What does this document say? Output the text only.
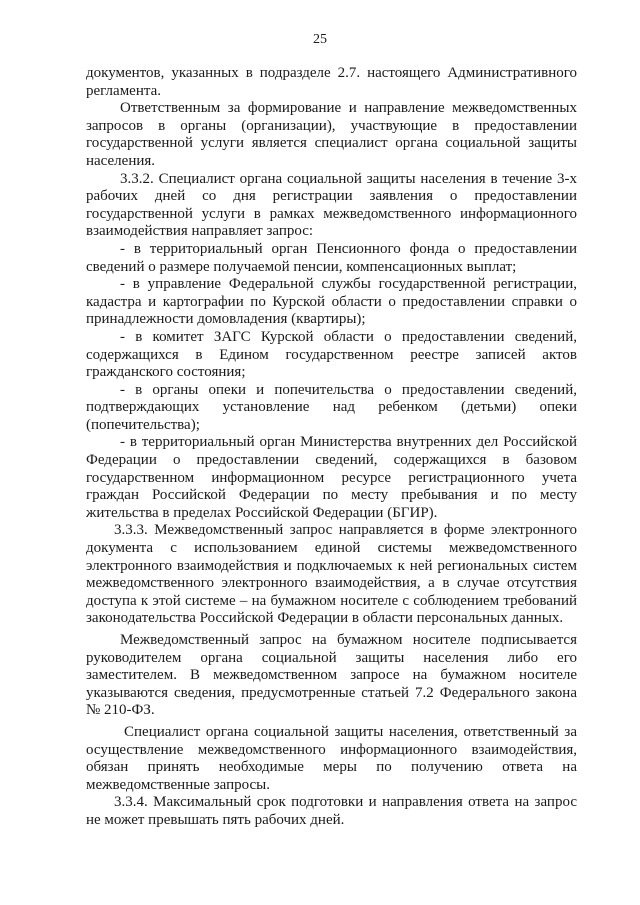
25

документов, указанных в подразделе 2.7. настоящего Административного регламента.

Ответственным за формирование и направление межведомственных запросов в органы (организации), участвующие в предоставлении государственной услуги является специалист органа социальной защиты населения.

3.3.2. Специалист органа социальной защиты населения в течение 3-х рабочих дней со дня регистрации заявления о предоставлении государственной услуги в рамках межведомственного информационного взаимодействия направляет запрос:

- в территориальный орган Пенсионного фонда о предоставлении сведений о размере получаемой пенсии, компенсационных выплат;

- в управление Федеральной службы государственной регистрации, кадастра и картографии по Курской области о предоставлении справки о принадлежности домовладения (квартиры);

- в комитет ЗАГС Курской области о предоставлении сведений, содержащихся в Едином государственном реестре записей актов гражданского состояния;

- в органы опеки и попечительства о предоставлении сведений, подтверждающих установление над ребенком (детьми) опеки (попечительства);

- в территориальный орган Министерства внутренних дел Российской Федерации о предоставлении сведений, содержащихся в базовом государственном информационном ресурсе регистрационного учета граждан Российской Федерации по месту пребывания и по месту жительства в пределах Российской Федерации (БГИР).

3.3.3. Межведомственный запрос направляется в форме электронного документа с использованием единой системы межведомственного электронного взаимодействия и подключаемых к ней региональных систем межведомственного электронного взаимодействия, а в случае отсутствия доступа к этой системе – на бумажном носителе с соблюдением требований законодательства Российской Федерации в области персональных данных.

Межведомственный запрос на бумажном носителе подписывается руководителем органа социальной защиты населения либо его заместителем. В межведомственном запросе на бумажном носителе указываются сведения, предусмотренные статьей 7.2 Федерального закона № 210-ФЗ.

Специалист органа социальной защиты населения, ответственный за осуществление межведомственного информационного взаимодействия, обязан принять необходимые меры по получению ответа на межведомственные запросы.

3.3.4. Максимальный срок подготовки и направления ответа на запрос не может превышать пять рабочих дней.
